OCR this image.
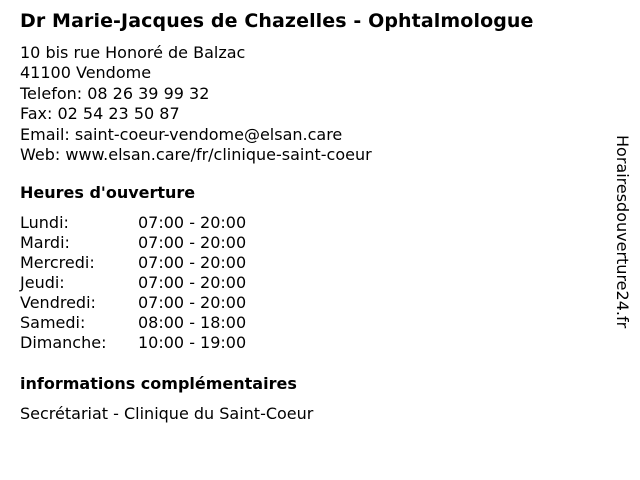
Dr Marie-Jacques de Chazelles - Ophtalmologue
10 bis rue Honoré de Balzac
41100 Vendome
Telefon: 08 26 39 99 32
Fax: 02 54 23 50 87
Email: saint-coeur-vendome@elsan.care
Web: www.elsan.care/fr/clinique-saint-coeur
Heures d'ouverture
Lundi:	07:00 - 20:00
Mardi:	07:00 - 20:00
Mercredi:	07:00 - 20:00
Jeudi:	07:00 - 20:00
Vendredi:	07:00 - 20:00
Samedi:	08:00 - 18:00
Dimanche:	10:00 - 19:00
informations complémentaires
Secrétariat - Clinique du Saint-Coeur
Horairesdouverture24.fr
